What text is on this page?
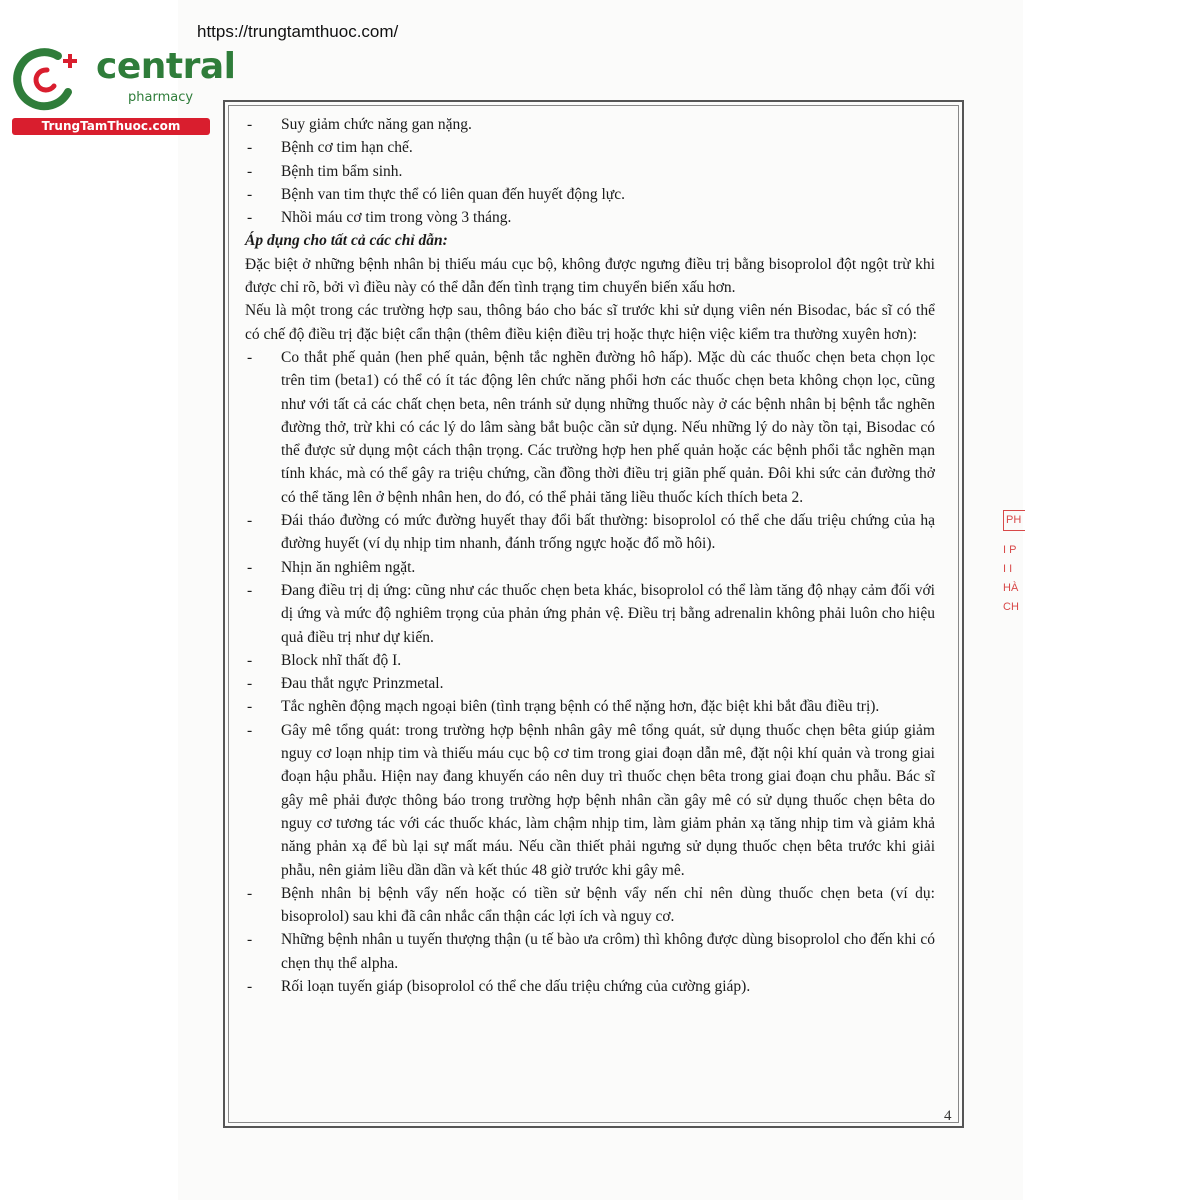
https://trungtamthuoc.com/
central
pharmacy
TrungTamThuoc.com
-	Suy giảm chức năng gan nặng.
- Bệnh cơ tim hạn chế.
- Bệnh tim bẩm sinh.
- Bệnh van tim thực thể có liên quan đến huyết động lực.
- Nhồi máu cơ tim trong vòng 3 tháng.
Áp dụng cho tất cả các chỉ dẫn:
Đặc biệt ở những bệnh nhân bị thiếu máu cục bộ, không được ngưng điều trị bằng bisoprolol đột ngột trừ khi được chỉ rõ, bởi vì điều này có thể dẫn đến tình trạng tim chuyển biến xấu hơn.
Nếu là một trong các trường hợp sau, thông báo cho bác sĩ trước khi sử dụng viên nén Bisodac, bác sĩ có thể có chế độ điều trị đặc biệt cẩn thận (thêm điều kiện điều trị hoặc thực hiện việc kiểm tra thường xuyên hơn):
- Co thắt phế quản (hen phế quản, bệnh tắc nghẽn đường hô hấp). Mặc dù các thuốc chẹn beta chọn lọc trên tim (beta1) có thể có ít tác động lên chức năng phổi hơn các thuốc chẹn beta không chọn lọc, cũng như với tất cả các chất chẹn beta, nên tránh sử dụng những thuốc này ở các bệnh nhân bị bệnh tắc nghẽn đường thở, trừ khi có các lý do lâm sàng bắt buộc cần sử dụng. Nếu những lý do này tồn tại, Bisodac có thể được sử dụng một cách thận trọng. Các trường hợp hen phế quản hoặc các bệnh phổi tắc nghẽn mạn tính khác, mà có thể gây ra triệu chứng, cần đồng thời điều trị giãn phế quản. Đôi khi sức cản đường thở có thể tăng lên ở bệnh nhân hen, do đó, có thể phải tăng liều thuốc kích thích beta 2.
- Đái tháo đường có mức đường huyết thay đổi bất thường: bisoprolol có thể che dấu triệu chứng của hạ đường huyết (ví dụ nhịp tim nhanh, đánh trống ngực hoặc đổ mồ hôi).
- Nhịn ăn nghiêm ngặt.
- Đang điều trị dị ứng: cũng như các thuốc chẹn beta khác, bisoprolol có thể làm tăng độ nhạy cảm đối với dị ứng và mức độ nghiêm trọng của phản ứng phản vệ. Điều trị bằng adrenalin không phải luôn cho hiệu quả điều trị như dự kiến.
- Block nhĩ thất độ I.
- Đau thắt ngực Prinzmetal.
- Tắc nghẽn động mạch ngoại biên (tình trạng bệnh có thể nặng hơn, đặc biệt khi bắt đầu điều trị).
- Gây mê tổng quát: trong trường hợp bệnh nhân gây mê tổng quát, sử dụng thuốc chẹn bêta giúp giảm nguy cơ loạn nhịp tim và thiếu máu cục bộ cơ tim trong giai đoạn dẫn mê, đặt nội khí quản và trong giai đoạn hậu phẫu. Hiện nay đang khuyến cáo nên duy trì thuốc chẹn bêta trong giai đoạn chu phẫu. Bác sĩ gây mê phải được thông báo trong trường hợp bệnh nhân cần gây mê có sử dụng thuốc chẹn bêta do nguy cơ tương tác với các thuốc khác, làm chậm nhịp tim, làm giảm phản xạ tăng nhịp tim và giảm khả năng phản xạ để bù lại sự mất máu. Nếu cần thiết phải ngưng sử dụng thuốc chẹn bêta trước khi giải phẫu, nên giảm liều dần dần và kết thúc 48 giờ trước khi gây mê.
- Bệnh nhân bị bệnh vẩy nến hoặc có tiền sử bệnh vẩy nến chỉ nên dùng thuốc chẹn beta (ví dụ: bisoprolol) sau khi đã cân nhắc cẩn thận các lợi ích và nguy cơ.
- Những bệnh nhân u tuyến thượng thận (u tế bào ưa crôm) thì không được dùng bisoprolol cho đến khi có chẹn thụ thể alpha.
- Rối loạn tuyến giáp (bisoprolol có thể che dấu triệu chứng của cường giáp).
4
PH
I P
I I
HÀ
CH
